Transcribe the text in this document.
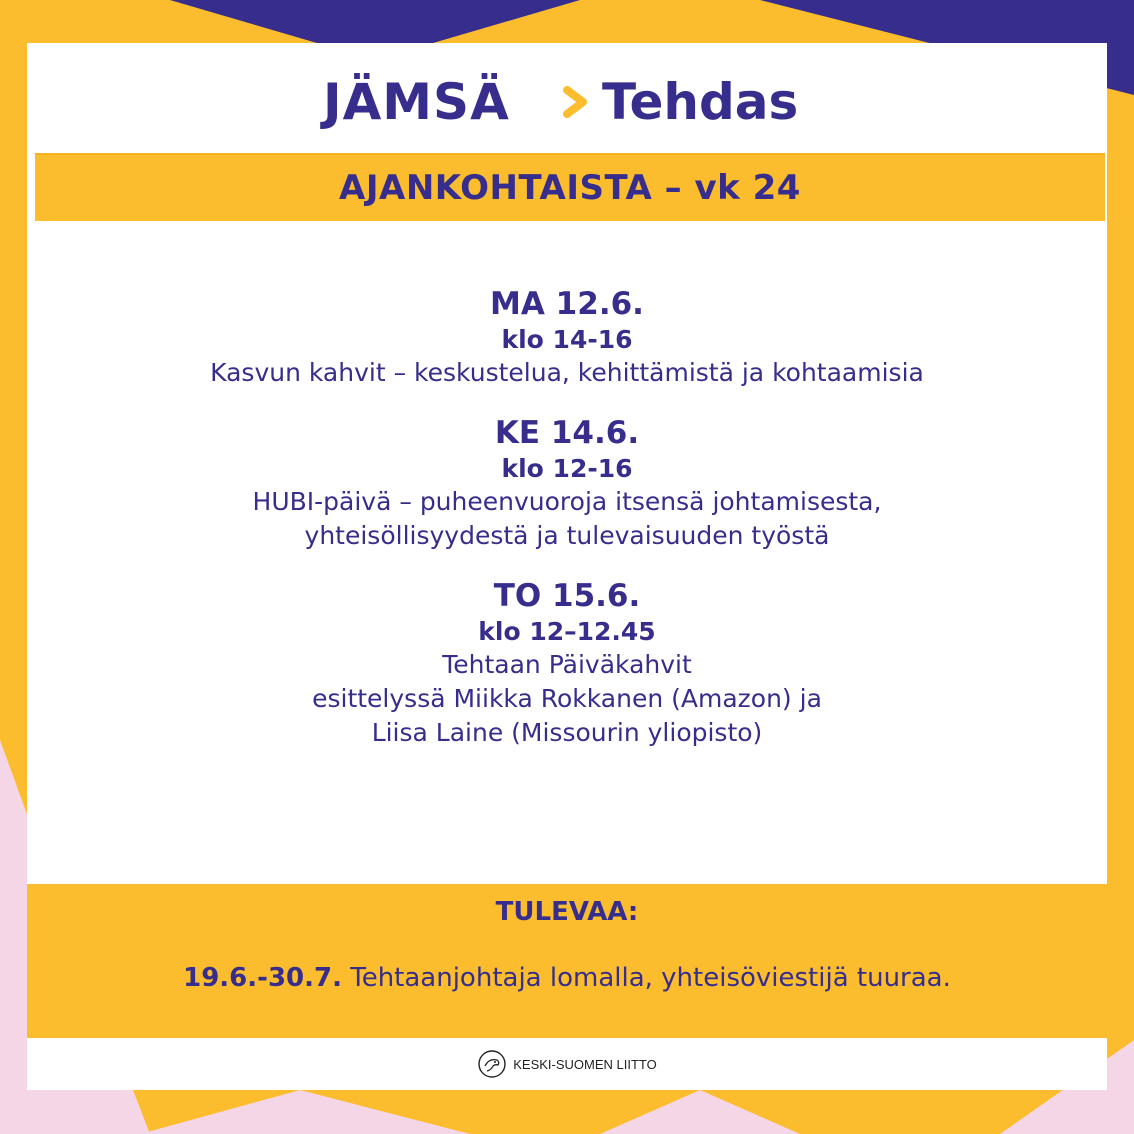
JÄMSÄ Tehdas
AJANKOHTAISTA – vk 24
MA 12.6.
klo 14-16
Kasvun kahvit – keskustelua, kehittämistä ja kohtaamisia
KE 14.6.
klo 12-16
HUBI-päivä – puheenvuoroja itsensä johtamisesta,
yhteisöllisyydestä ja tulevaisuuden työstä
TO 15.6.
klo 12–12.45
Tehtaan Päiväkahvit
esittelyssä Miikka Rokkanen (Amazon) ja
Liisa Laine (Missourin yliopisto)
TULEVAA:
19.6.-30.7. Tehtaanjohtaja lomalla, yhteisöviestijä tuuraa.
KESKI-SUOMEN LIITTO
